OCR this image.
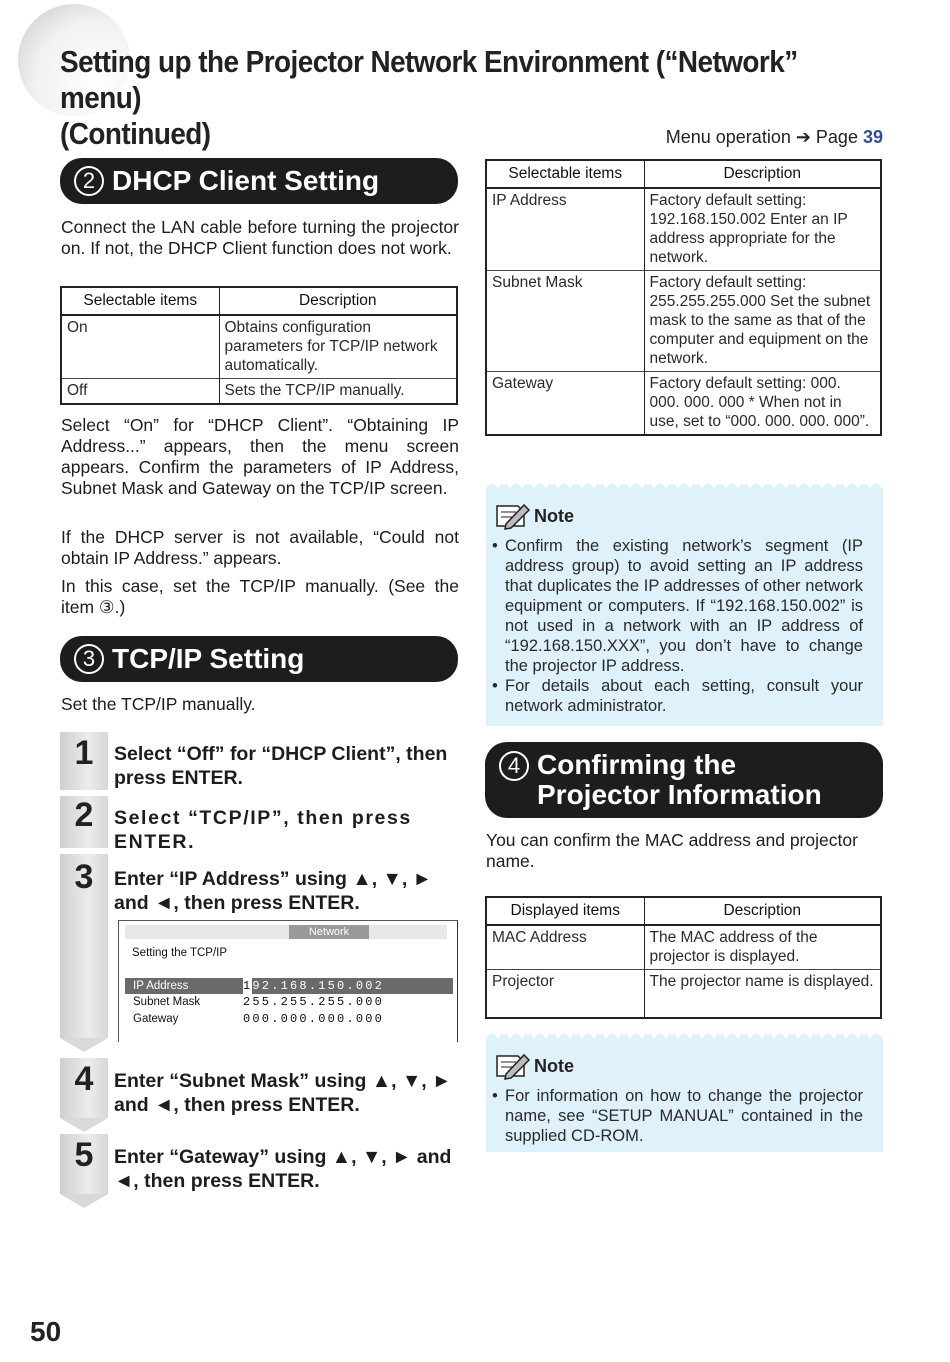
Setting up the Projector Network Environment (“Network” menu)
(Continued)	Menu operation ➔ Page 39
2 DHCP Client Setting

Connect the LAN cable before turning the projector on. If not, the DHCP Client function does not work.

Selectable items	Description
On	Obtains configuration parameters for TCP/IP network automatically.
Off	Sets the TCP/IP manually.

Select “On” for “DHCP Client”. “Obtaining IP Address...” appears, then the menu screen appears. Confirm the parameters of IP Address, Subnet Mask and Gateway on the TCP/IP screen.

If the DHCP server is not available, “Could not obtain IP Address.” appears.

In this case, set the TCP/IP manually. (See the item ③.)

3 TCP/IP Setting

Set the TCP/IP manually.

1	Select “Off” for “DHCP Client”, then press ENTER.

2	Select “TCP/IP”, then press ENTER.

3	Enter “IP Address” using ▲, ▼, ► and ◄, then press ENTER.

Network
Setting the TCP/IP
IP Address	192.168.150.002
Subnet Mask	255.255.255.000
Gateway	000.000.000.000
4	Enter “Subnet Mask” using ▲, ▼, ► and ◄, then press ENTER.

5	Enter “Gateway” using ▲, ▼, ► and ◄, then press ENTER.

Selectable items	Description
IP Address	Factory default setting: 192.168.150.002 Enter an IP address appropriate for the network.
Subnet Mask	Factory default setting: 255.255.255.000 Set the subnet mask to the same as that of the computer and equipment on the network.
Gateway	Factory default setting: 000. 000. 000. 000 * When not in use, set to “000. 000. 000. 000”.
Note
• Confirm the existing network’s segment (IP address group) to avoid setting an IP address that duplicates the IP addresses of other network equipment or computers. If “192.168.150.002” is not used in a network with an IP address of “192.168.150.XXX”, you don’t have to change the projector IP address.
• For details about each setting, consult your network administrator.
4 Confirming the
Projector Information

You can confirm the MAC address and projector name.

Displayed items	Description
MAC Address	The MAC address of the projector is displayed.
Projector	The projector name is displayed.
Note
• For information on how to change the projector name, see “SETUP MANUAL” contained in the supplied CD-ROM.
50
